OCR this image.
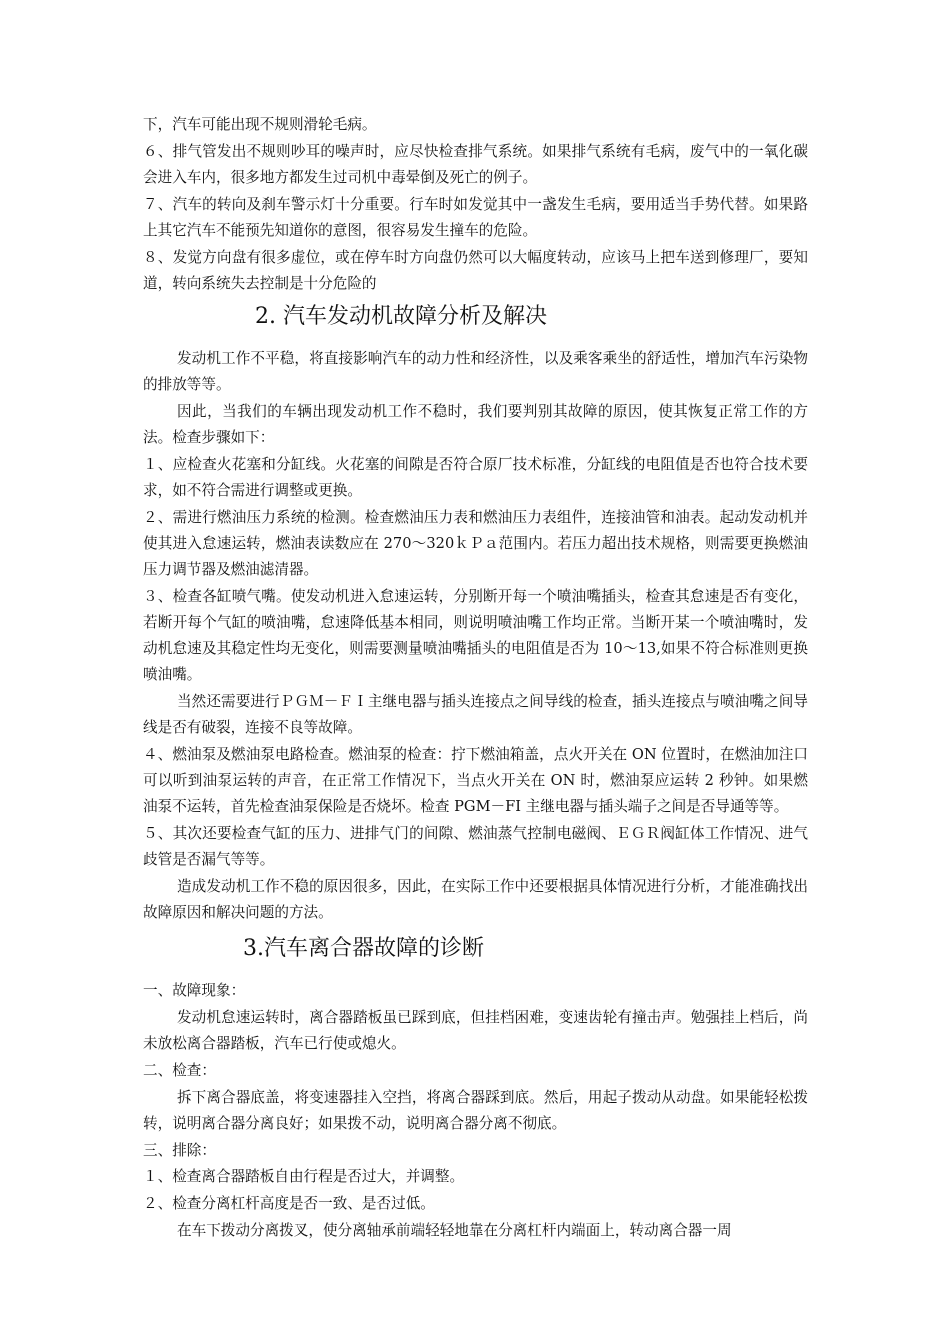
下，汽车可能出现不规则滑轮毛病。

６、排气管发出不规则吵耳的噪声时，应尽快检查排气系统。如果排气系统有毛病，废气中的一氧化碳会进入车内，很多地方都发生过司机中毒晕倒及死亡的例子。

７、汽车的转向及刹车警示灯十分重要。行车时如发觉其中一盏发生毛病，要用适当手势代替。如果路上其它汽车不能预先知道你的意图，很容易发生撞车的危险。

８、发觉方向盘有很多虚位，或在停车时方向盘仍然可以大幅度转动，应该马上把车送到修理厂，要知道，转向系统失去控制是十分危险的

2. 汽车发动机故障分析及解决

发动机工作不平稳，将直接影响汽车的动力性和经济性，以及乘客乘坐的舒适性，增加汽车污染物的排放等等。

因此，当我们的车辆出现发动机工作不稳时，我们要判别其故障的原因，使其恢复正常工作的方法。检查步骤如下：

１、应检查火花塞和分缸线。火花塞的间隙是否符合原厂技术标准，分缸线的电阻值是否也符合技术要求，如不符合需进行调整或更换。

２、需进行燃油压力系统的检测。检查燃油压力表和燃油压力表组件，连接油管和油表。起动发动机并使其进入怠速运转，燃油表读数应在 270～320ｋＰａ范围内。若压力超出技术规格，则需要更换燃油压力调节器及燃油滤清器。

３、检查各缸喷气嘴。使发动机进入怠速运转，分别断开每一个喷油嘴插头，检查其怠速是否有变化，若断开每个气缸的喷油嘴，怠速降低基本相同，则说明喷油嘴工作均正常。当断开某一个喷油嘴时，发动机怠速及其稳定性均无变化，则需要测量喷油嘴插头的电阻值是否为 10～13,如果不符合标准则更换喷油嘴。

当然还需要进行ＰＧＭ－ＦＩ主继电器与插头连接点之间导线的检查，插头连接点与喷油嘴之间导线是否有破裂，连接不良等故障。

４、燃油泵及燃油泵电路检查。燃油泵的检查：拧下燃油箱盖，点火开关在 ON 位置时，在燃油加注口可以听到油泵运转的声音，在正常工作情况下，当点火开关在 ON 时，燃油泵应运转 2 秒钟。如果燃油泵不运转，首先检查油泵保险是否烧坏。检查 PGM－FI 主继电器与插头端子之间是否导通等等。

５、其次还要检查气缸的压力、进排气门的间隙、燃油蒸气控制电磁阀、ＥＧＲ阀缸体工作情况、进气歧管是否漏气等等。

造成发动机工作不稳的原因很多，因此，在实际工作中还要根据具体情况进行分析，才能准确找出故障原因和解决问题的方法。

3.汽车离合器故障的诊断

一、故障现象：

发动机怠速运转时，离合器踏板虽已踩到底，但挂档困难，变速齿轮有撞击声。勉强挂上档后，尚未放松离合器踏板，汽车已行使或熄火。

二、检查：

拆下离合器底盖，将变速器挂入空挡，将离合器踩到底。然后，用起子拨动从动盘。如果能轻松拨转，说明离合器分离良好；如果拨不动，说明离合器分离不彻底。

三、排除：

１、检查离合器踏板自由行程是否过大，并调整。

２、检查分离杠杆高度是否一致、是否过低。

在车下拨动分离拨叉，使分离轴承前端轻轻地靠在分离杠杆内端面上，转动离合器一周
